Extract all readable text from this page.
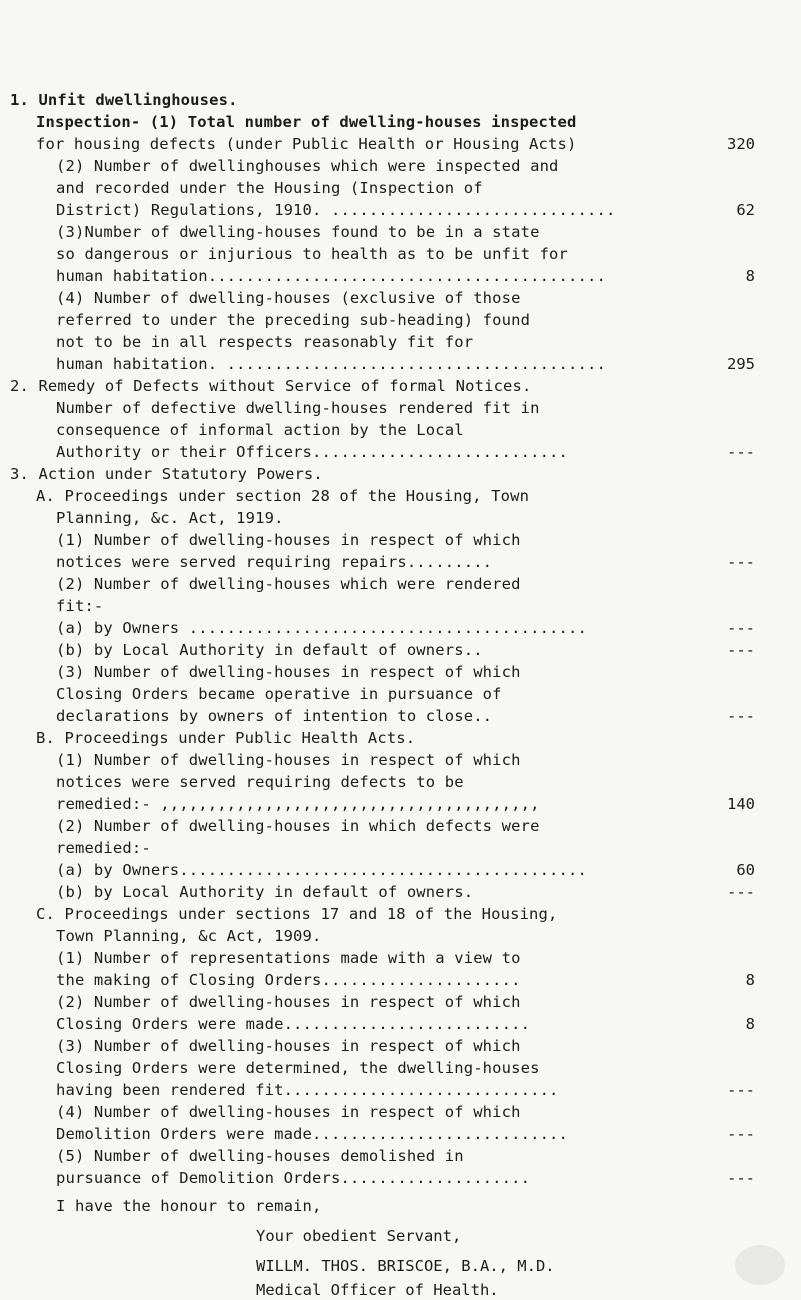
1. Unfit dwellinghouses.
Inspection- (1) Total number of dwelling-houses inspected
for housing defects (under Public Health or Housing Acts)
(2) Number of dwellinghouses which were inspected and
and recorded under the Housing (Inspection of
District) Regulations, 1910. ..............................
(3)Number of dwelling-houses found to be in a state
so dangerous or injurious to health as to be unfit for
human habitation..........................................
(4) Number of dwelling-houses (exclusive of those
referred to under the preceding sub-heading) found
not to be in all respects reasonably fit for
human habitation. ........................................
2. Remedy of Defects without Service of formal Notices.
Number of defective dwelling-houses rendered fit in
consequence of informal action by the Local
Authority or their Officers...........................
3. Action under Statutory Powers.
A. Proceedings under section 28 of the Housing, Town
Planning, &c. Act, 1919.
(1) Number of dwelling-houses in respect of which
notices were served requiring repairs.........
(2) Number of dwelling-houses which were rendered
fit:-
(a) by Owners ..........................................
(b) by Local Authority in default of owners..
(3) Number of dwelling-houses in respect of which
Closing Orders became operative in pursuance of
declarations by owners of intention to close..
B. Proceedings under Public Health Acts.
(1) Number of dwelling-houses in respect of which
notices were served requiring defects to be
remedied:- ,,,,,,,,,,,,,,,,,,,,,,,,,,,,,,,,,,,,,,,,
(2) Number of dwelling-houses in which defects were
remedied:-
(a) by Owners...........................................
(b) by Local Authority in default of owners.
C. Proceedings under sections 17 and 18 of the Housing,
Town Planning, &c Act, 1909.
(1) Number of representations made with a view to
the making of Closing Orders.....................
(2) Number of dwelling-houses in respect of which
Closing Orders were made..........................
(3) Number of dwelling-houses in respect of which
Closing Orders were determined, the dwelling-houses
having been rendered fit.............................
(4) Number of dwelling-houses in respect of which
Demolition Orders were made...........................
(5) Number of dwelling-houses demolished in
pursuance of Demolition Orders....................
I have the honour to remain,
Your obedient Servant,
WILLM. THOS. BRISCOE, B.A., M.D.
Medical Officer of Health.
320
62
8
295
---
---
---
---
---
140
60
---
8
8
---
---
---
